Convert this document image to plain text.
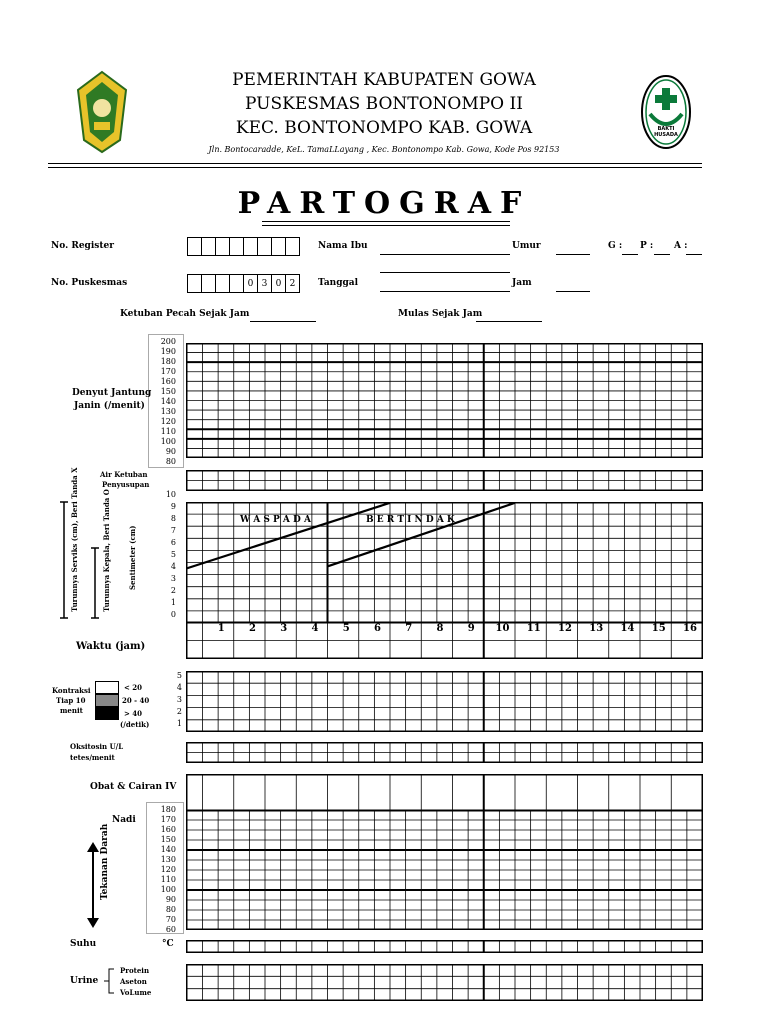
BAKTI HUSADA
PEMERINTAH KABUPATEN GOWA
PUSKESMAS BONTONOMPO II
KEC. BONTONOMPO KAB. GOWA
Jln. Bontocaradde, KeL. TamaLLayang , Kec. Bontonompo Kab. Gowa, Kode Pos 92153
PARTOGRAF
No. Register	Nama Ibu	Umur	G : P : A :
No. Puskesmas	0 3 0 2	Tanggal	Jam
Ketuban Pecah Sejak Jam	Mulas Sejak Jam
Denyut Jantung
Janin (/menit)
200
190
180
170
160
150
140
130
120
110
100
90
80
Air Ketuban
Penyusupan
10
9
8
7
6
5
4
3
2
1
0
Turunnya Serviks (cm), Beri Tanda X	Turunnya Kepala, Beri Tanda O Sentimeter (cm)
W A S P A D A	B E R T I N D A K
1	2	3	4	5	6	7	8	9	10	11	12	13	14	15	16
Waktu (jam)
Kontraksi
Tiap 10
menit
< 20
20 - 40
> 40
(/detik)
5
4
3
2
1
Oksitosin U/L
tetes/menit
Obat & Cairan IV
Nadi
Tekanan Darah
180
170
160
150
140
130
120
110
100
90
80
70
60
Suhu	°C
Urine
Protein
Aseton
VoLume
